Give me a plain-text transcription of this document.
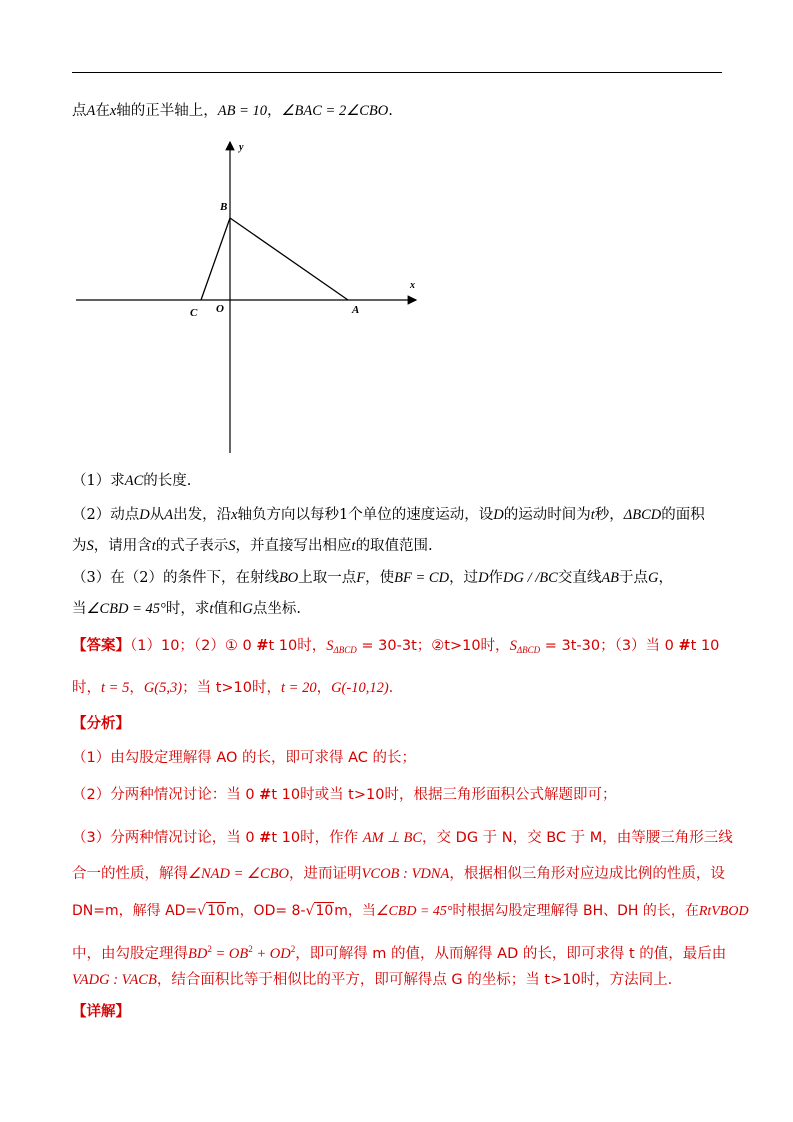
点A在x轴的正半轴上，AB = 10，∠BAC = 2∠CBO.
y
x
B
C O	A
（1）求AC的长度.
（2）动点D从A出发，沿x轴负方向以每秒1个单位的速度运动，设D的运动时间为t秒，ΔBCD的面积
为S，请用含t的式子表示S，并直接写出相应t的取值范围.
（3）在（2）的条件下，在射线BO上取一点F，使BF = CD，过D作DG / /BC交直线AB于点G，
当∠CBD = 45°时，求t值和G点坐标.
【答案】（1）10；（2）① 0 #t 10时，$S_{\Delta BCD} = 30-3t$；②t>10时，$S_{\Delta BCD} = 3t-30$；（3）当 0 #t 10
时，t = 5，G(5,3)；当 t>10时，t = 20，G(-10,12).
【分析】
（1）由勾股定理解得 AO 的长，即可求得 AC 的长；
（2）分两种情况讨论：当 0 #t 10时或当 t>10时，根据三角形面积公式解题即可；
（3）分两种情况讨论，当 0 #t 10时，作作 AM ⊥ BC，交 DG 于 N，交 BC 于 M，由等腰三角形三线
合一的性质，解得∠NAD = ∠CBO，进而证明VCOB : VDNA，根据相似三角形对应边成比例的性质，设
DN=m，解得 AD=√10m，OD= 8-√10m，当∠CBD = 45°时根据勾股定理解得 BH、DH 的长，在RtVBOD
中，由勾股定理得$BD^2 = OB^2 + OD^2$，即可解得 m 的值，从而解得 AD 的长，即可求得 t 的值，最后由
VADG : VACB，结合面积比等于相似比的平方，即可解得点 G 的坐标；当 t>10时，方法同上.
【详解】
